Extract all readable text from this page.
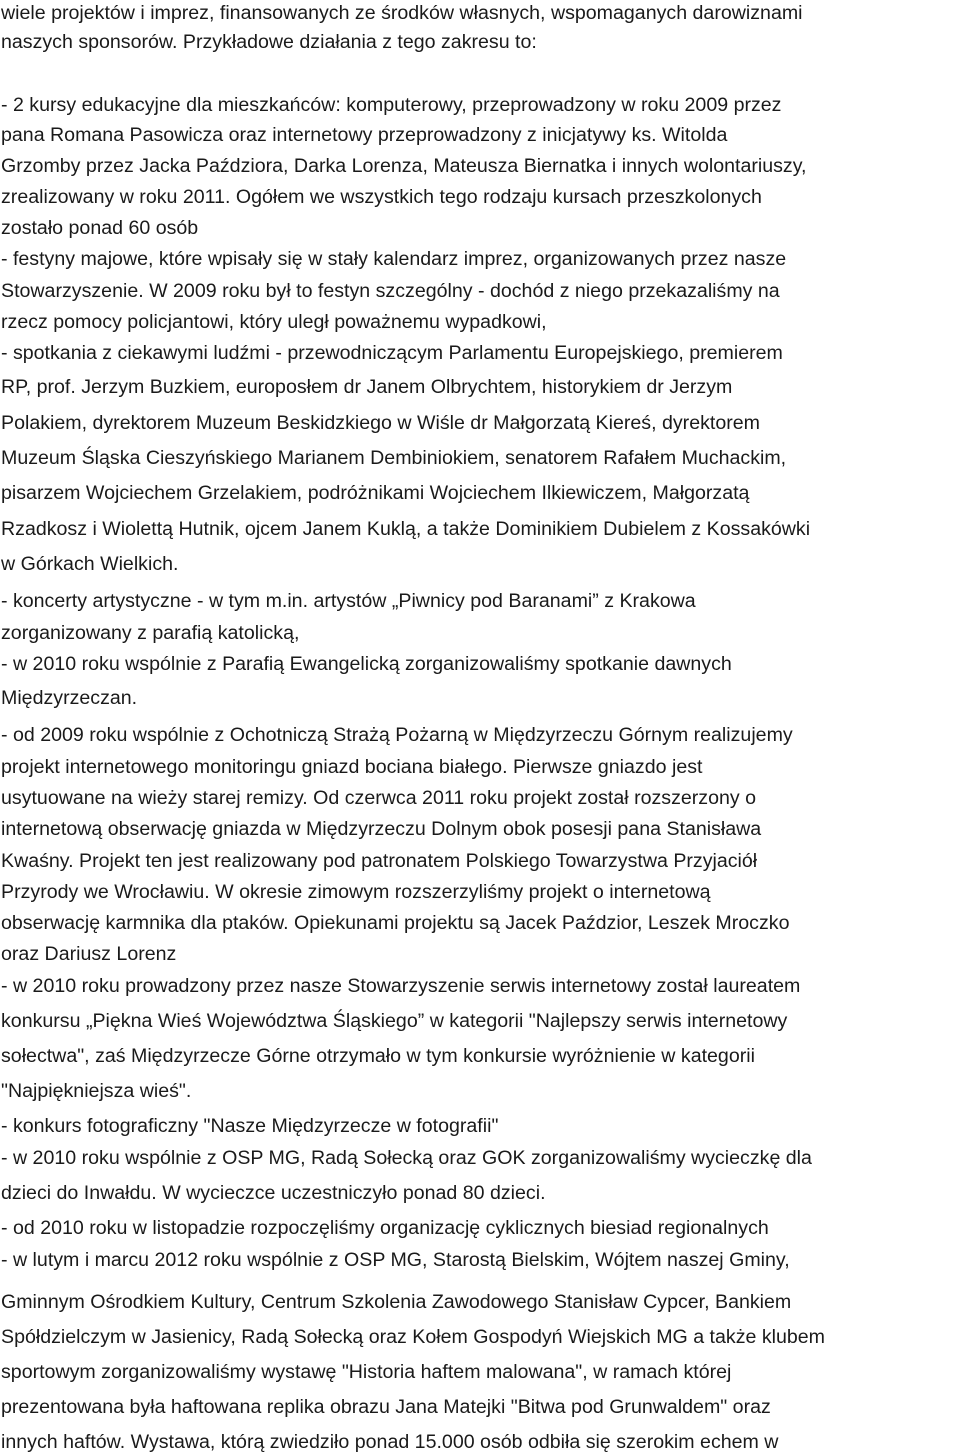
wiele projektów i imprez, finansowanych ze środków własnych, wspomaganych darowiznami
naszych sponsorów. Przykładowe działania z tego zakresu to:
- 2 kursy edukacyjne dla mieszkańców: komputerowy, przeprowadzony w roku 2009 przez
pana Romana Pasowicza oraz internetowy przeprowadzony z inicjatywy ks. Witolda
Grzomby przez Jacka Paździora, Darka Lorenza, Mateusza Biernatka i innych wolontariuszy,
zrealizowany w roku 2011. Ogółem we wszystkich tego rodzaju kursach przeszkolonych
zostało ponad 60 osób
- festyny majowe, które wpisały się w stały kalendarz imprez, organizowanych przez nasze
Stowarzyszenie. W 2009 roku był to festyn szczególny - dochód z niego przekazaliśmy na
rzecz pomocy policjantowi, który uległ poważnemu wypadkowi,
- spotkania z ciekawymi ludźmi - przewodniczącym Parlamentu Europejskiego, premierem
RP, prof. Jerzym Buzkiem, europosłem dr Janem Olbrychtem, historykiem dr Jerzym
Polakiem, dyrektorem Muzeum Beskidzkiego w Wiśle dr Małgorzatą Kiereś, dyrektorem
Muzeum Śląska Cieszyńskiego Marianem Dembiniokiem, senatorem Rafałem Muchackim,
pisarzem Wojciechem Grzelakiem, podróżnikami Wojciechem Ilkiewiczem, Małgorzatą
Rzadkosz i Wiolettą Hutnik, ojcem Janem Kuklą, a także Dominikiem Dubielem z Kossakówki
w Górkach Wielkich.
- koncerty artystyczne - w tym m.in. artystów „Piwnicy pod Baranami” z Krakowa
zorganizowany z parafią katolicką,
- w 2010 roku wspólnie z Parafią Ewangelicką zorganizowaliśmy spotkanie dawnych
Międzyrzeczan.
- od 2009 roku wspólnie z Ochotniczą Strażą Pożarną w Międzyrzeczu Górnym realizujemy
projekt internetowego monitoringu gniazd bociana białego. Pierwsze gniazdo jest
usytuowane na wieży starej remizy. Od czerwca 2011 roku projekt został rozszerzony o
internetową obserwację gniazda w Międzyrzeczu Dolnym obok posesji pana Stanisława
Kwaśny. Projekt ten jest realizowany pod patronatem Polskiego Towarzystwa Przyjaciół
Przyrody we Wrocławiu. W okresie zimowym rozszerzyliśmy projekt o internetową
obserwację karmnika dla ptaków. Opiekunami projektu są Jacek Paździor, Leszek Mroczko
oraz Dariusz Lorenz
- w 2010 roku prowadzony przez nasze Stowarzyszenie serwis internetowy został laureatem
konkursu „Piękna Wieś Województwa Śląskiego” w kategorii "Najlepszy serwis internetowy
sołectwa", zaś Międzyrzecze Górne otrzymało w tym konkursie wyróżnienie w kategorii
"Najpiękniejsza wieś".
- konkurs fotograficzny "Nasze Międzyrzecze w fotografii"
- w 2010 roku wspólnie z OSP MG, Radą Sołecką oraz GOK zorganizowaliśmy wycieczkę dla
dzieci do Inwałdu. W wycieczce uczestniczyło ponad 80 dzieci.
- od 2010 roku w listopadzie rozpoczęliśmy organizację cyklicznych biesiad regionalnych
- w lutym i marcu 2012 roku wspólnie z OSP MG, Starostą Bielskim, Wójtem naszej Gminy,
Gminnym Ośrodkiem Kultury, Centrum Szkolenia Zawodowego Stanisław Cypcer, Bankiem
Spółdzielczym w Jasienicy, Radą Sołecką oraz Kołem Gospodyń Wiejskich MG a także klubem
sportowym zorganizowaliśmy wystawę "Historia haftem malowana", w ramach której
prezentowana była haftowana replika obrazu Jana Matejki "Bitwa pod Grunwaldem" oraz
innych haftów. Wystawa, którą zwiedziło ponad 15.000 osób odbiła się szerokim echem w
